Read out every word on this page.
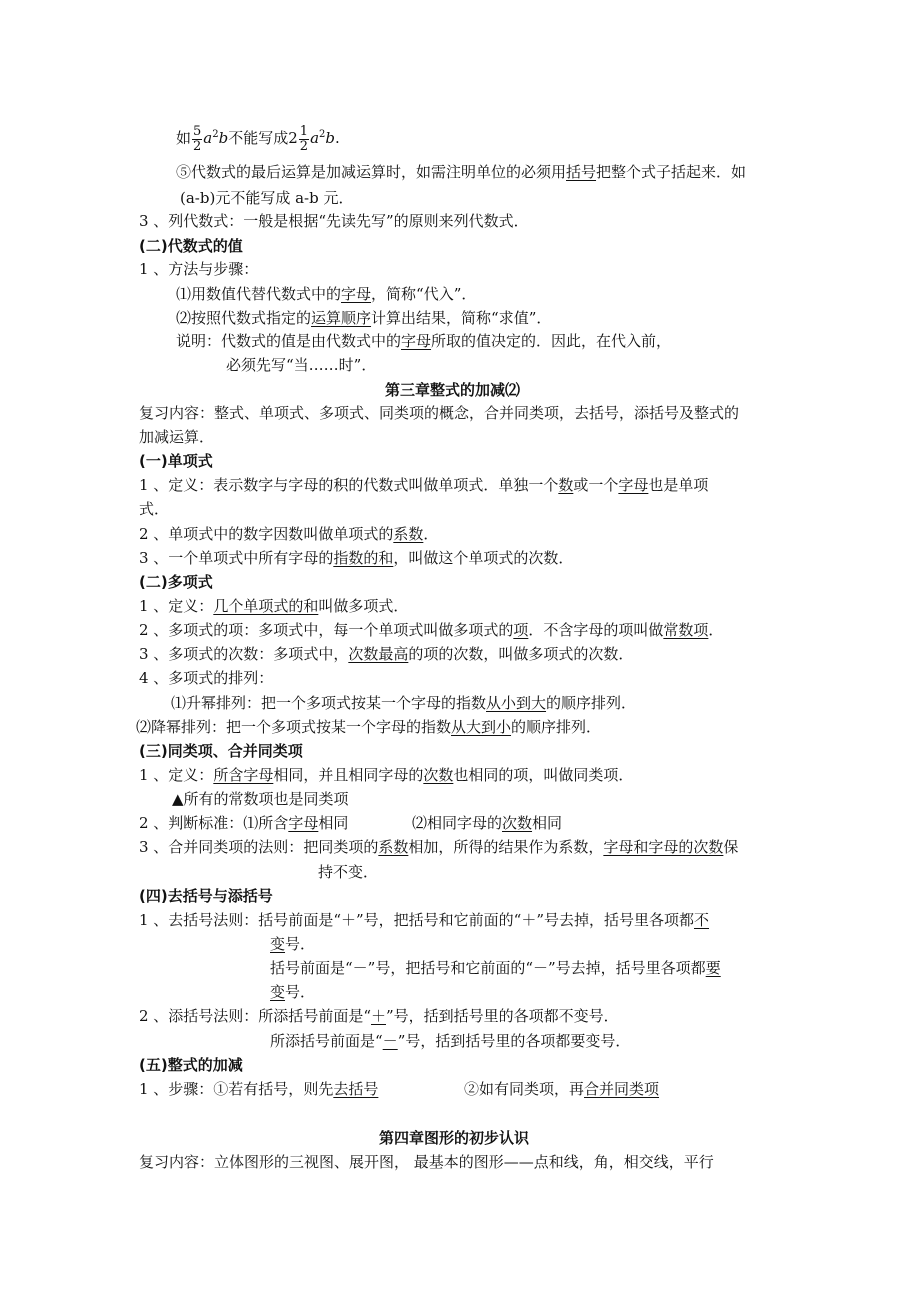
如 $\frac{5}{2} a^2b$不能写成$2 \frac{1}{2} a^2b$.
⑤代数式的最后运算是加减运算时，如需注明单位的必须用括号把整个式子括起来．如
(a-b)元不能写成 a-b 元．
3 、列代数式：一般是根据“先读先写”的原则来列代数式．
(二)代数式的值
1 、方法与步骤：
⑴用数值代替代数式中的字母，简称“代入”．
⑵按照代数式指定的运算顺序计算出结果，简称“求值”．
说明：代数式的值是由代数式中的字母所取的值决定的．因此，在代入前，
必须先写“当……时”．
第三章整式的加减⑵
复习内容：整式、单项式、多项式、同类项的概念，合并同类项，去括号，添括号及整式的
加减运算．
(一)单项式
1 、定义：表示数字与字母的积的代数式叫做单项式．单独一个数或一个字母也是单项
式．
2 、单项式中的数字因数叫做单项式的系数．
3 、一个单项式中所有字母的指数的和，叫做这个单项式的次数．
(二)多项式
1 、定义：几个单项式的和叫做多项式．
2 、多项式的项：多项式中，每一个单项式叫做多项式的项．不含字母的项叫做常数项．
3 、多项式的次数：多项式中，次数最高的项的次数，叫做多项式的次数．
4 、多项式的排列：
⑴升幂排列：把一个多项式按某一个字母的指数从小到大的顺序排列．
⑵降幂排列：把一个多项式按某一个字母的指数从大到小的顺序排列．
(三)同类项、合并同类项
1 、定义：所含字母相同，并且相同字母的次数也相同的项，叫做同类项．
▲所有的常数项也是同类项
2 、判断标准：⑴所含字母相同	⑵相同字母的次数相同
3 、合并同类项的法则：把同类项的系数相加，所得的结果作为系数，字母和字母的次数保
持不变．
(四)去括号与添括号
1 、去括号法则：括号前面是“＋”号，把括号和它前面的“＋”号去掉，括号里各项都不
变号．
括号前面是“－”号，把括号和它前面的“－”号去掉，括号里各项都要
变号．
2 、添括号法则：所添括号前面是“＋”号，括到括号里的各项都不变号．
所添括号前面是“－”号，括到括号里的各项都要变号．
(五)整式的加减
1 、步骤：①若有括号，则先去括号	②如有同类项，再合并同类项
第四章图形的初步认识
复习内容：立体图形的三视图、展开图， 最基本的图形——点和线，角，相交线，平行
